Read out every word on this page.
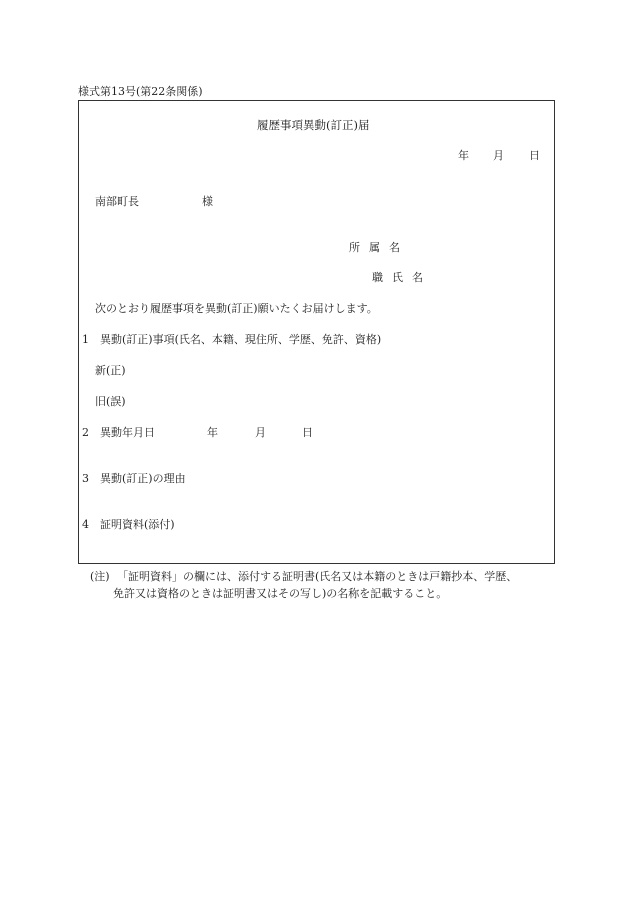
様式第13号(第22条関係)
履歴事項異動(訂正)届
年 月 日
南部町長	様
所属名
職氏名
次のとおり履歴事項を異動(訂正)願いたくお届けします。
1 異動(訂正)事項(氏名、本籍、現住所、学歴、免許、資格)
新(正)
旧(誤)
2 異動年月日	年	月	日
3 異動(訂正)の理由
4 証明資料(添付)
(注) 「証明資料」の欄には、添付する証明書(氏名又は本籍のときは戸籍抄本、学歴、
免許又は資格のときは証明書又はその写し)の名称を記載すること。
